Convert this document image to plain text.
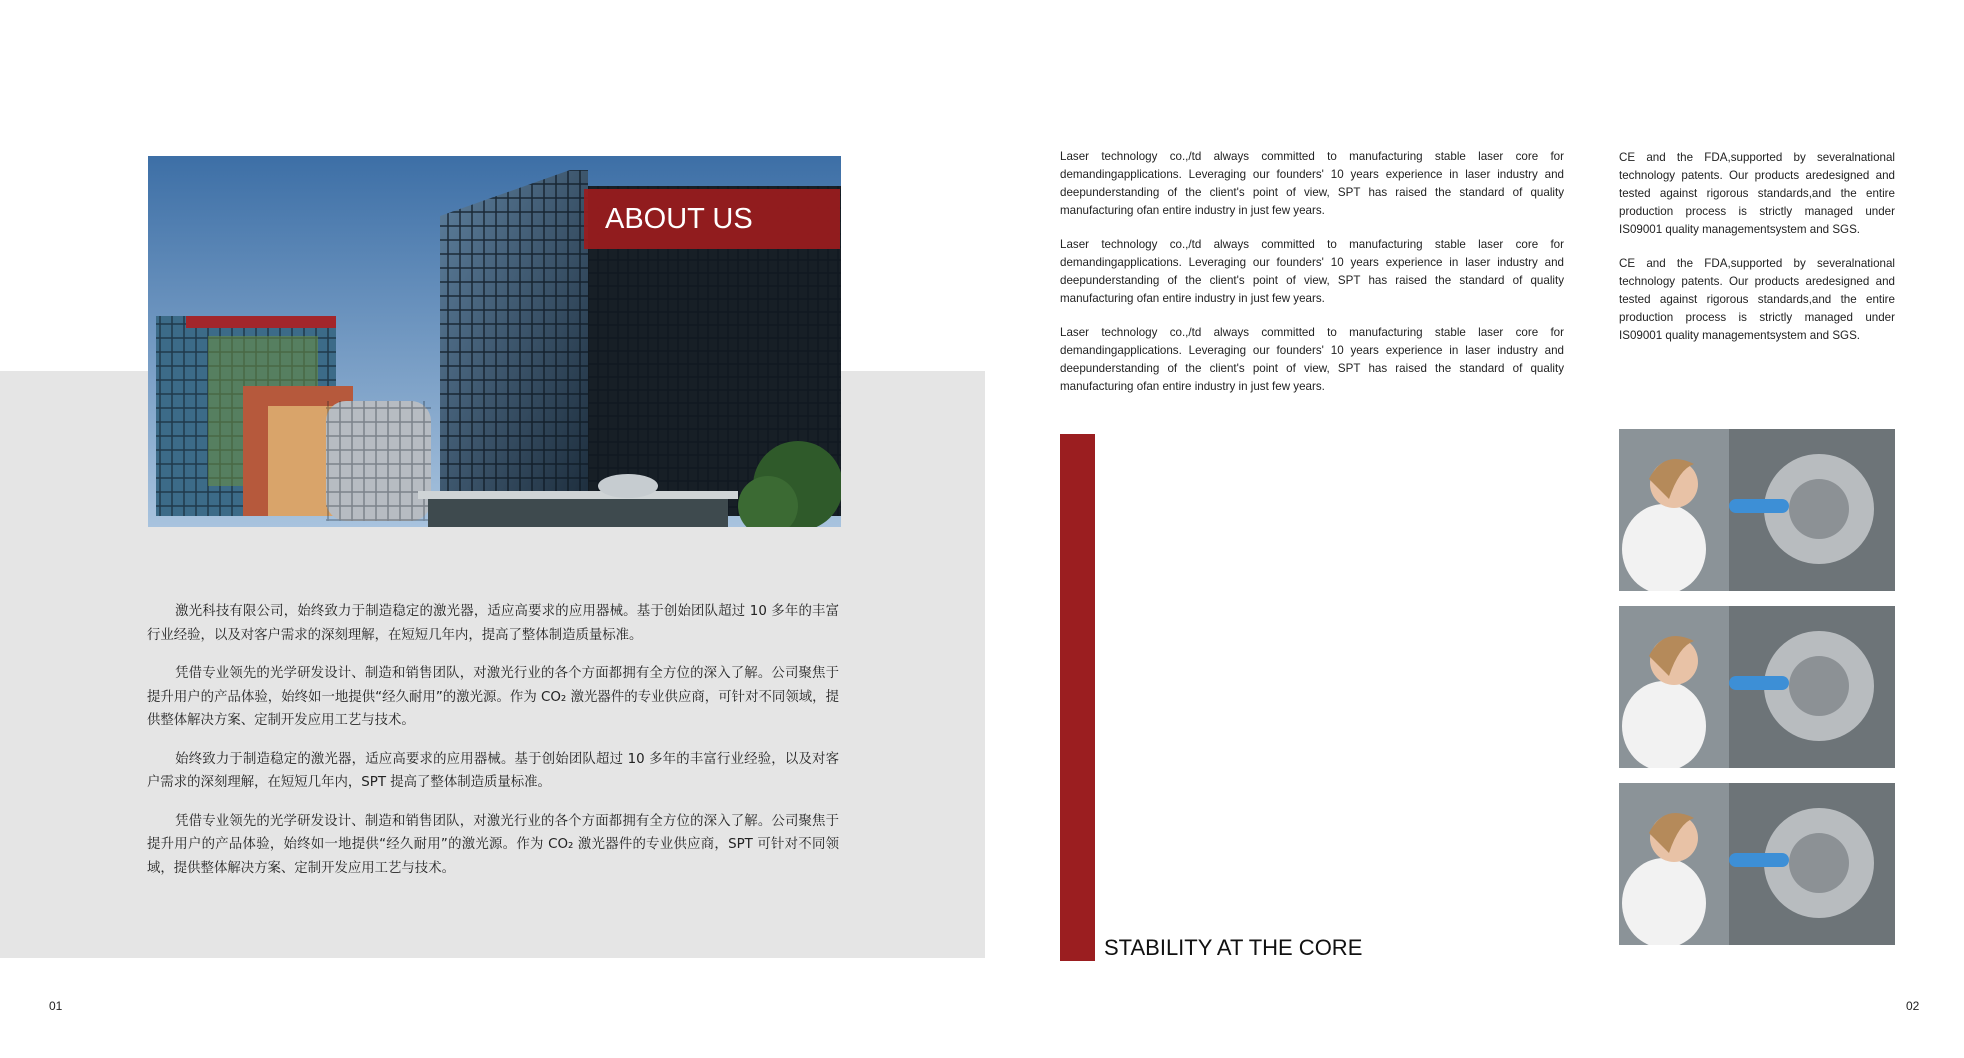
ABOUT US

激光科技有限公司，始终致力于制造稳定的激光器，适应高要求的应用器械。基于创始团队超过 10 多年的丰富行业经验，以及对客户需求的深刻理解，在短短几年内，提高了整体制造质量标准。

凭借专业领先的光学研发设计、制造和销售团队，对激光行业的各个方面都拥有全方位的深入了解。公司聚焦于提升用户的产品体验，始终如一地提供“经久耐用”的激光源。作为 CO₂ 激光器件的专业供应商，可针对不同领域，提供整体解决方案、定制开发应用工艺与技术。

始终致力于制造稳定的激光器，适应高要求的应用器械。基于创始团队超过 10 多年的丰富行业经验，以及对客户需求的深刻理解，在短短几年内，SPT 提高了整体制造质量标准。

凭借专业领先的光学研发设计、制造和销售团队，对激光行业的各个方面都拥有全方位的深入了解。公司聚焦于提升用户的产品体验，始终如一地提供“经久耐用”的激光源。作为 CO₂ 激光器件的专业供应商，SPT 可针对不同领域，提供整体解决方案、定制开发应用工艺与技术。

01

Laser technology co.,/td always committed to manufacturing stable laser core for demandingapplications. Leveraging our founders' 10 years experience in laser industry and deepunderstanding of the client's point of view, SPT has raised the standard of quality manufacturing ofan entire industry in just few years.

Laser technology co.,/td always committed to manufacturing stable laser core for demandingapplications. Leveraging our founders' 10 years experience in laser industry and deepunderstanding of the client's point of view, SPT has raised the standard of quality manufacturing ofan entire industry in just few years.

Laser technology co.,/td always committed to manufacturing stable laser core for demandingapplications. Leveraging our founders' 10 years experience in laser industry and deepunderstanding of the client's point of view, SPT has raised the standard of quality manufacturing ofan entire industry in just few years.

CE and the FDA,supported by severalnational technology patents. Our products aredesigned and tested against rigorous standards,and the entire production process is strictly managed under IS09001 quality managementsystem and SGS.

CE and the FDA,supported by severalnational technology patents. Our products aredesigned and tested against rigorous standards,and the entire production process is strictly managed under IS09001 quality managementsystem and SGS.

STABILITY AT THE CORE
02
